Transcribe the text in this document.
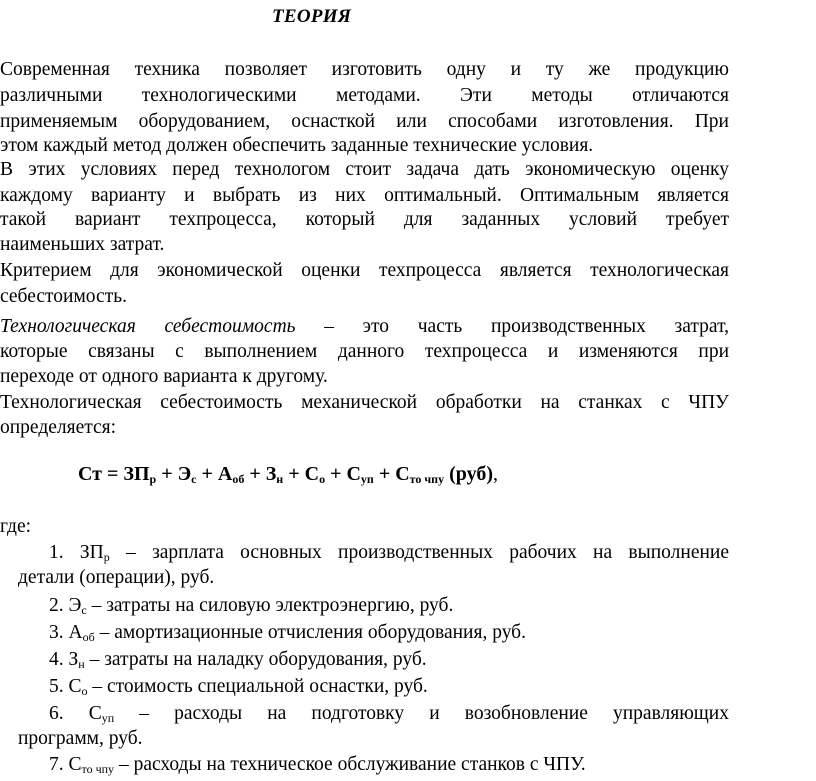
ТЕОРИЯ
Современная техника позволяет изготовить одну и ту же продукцию
различными технологическими методами. Эти методы отличаются
применяемым оборудованием, оснасткой или способами изготовления. При
этом каждый метод должен обеспечить заданные технические условия.
В этих условиях перед технологом стоит задача дать экономическую оценку
каждому варианту и выбрать из них оптимальный. Оптимальным является
такой вариант техпроцесса, который для заданных условий требует
наименьших затрат.
Критерием для экономической оценки техпроцесса является технологическая
себестоимость.
Технологическая себестоимость – это часть производственных затрат,
которые связаны с выполнением данного техпроцесса и изменяются при
переходе от одного варианта к другому.
Технологическая себестоимость механической обработки на станках с ЧПУ
определяется:
Ст = $ЗП_р + Э_с + А_{об} + З_н + С_о + С_{уп} + С_{то чпу}$ (руб),
где:
1. $ЗП_р$ – зарплата основных производственных рабочих на выполнение
детали (операции), руб.
2. $Э_с$ – затраты на силовую электроэнергию, руб.
3. $А_{об}$ – амортизационные отчисления оборудования, руб.
4. $З_н$ – затраты на наладку оборудования, руб.
5. $С_о$ – стоимость специальной оснастки, руб.
6. $С_{уп}$ – расходы на подготовку и возобновление управляющих
программ, руб.
7. $С_{то чпу}$ – расходы на техническое обслуживание станков с ЧПУ.
